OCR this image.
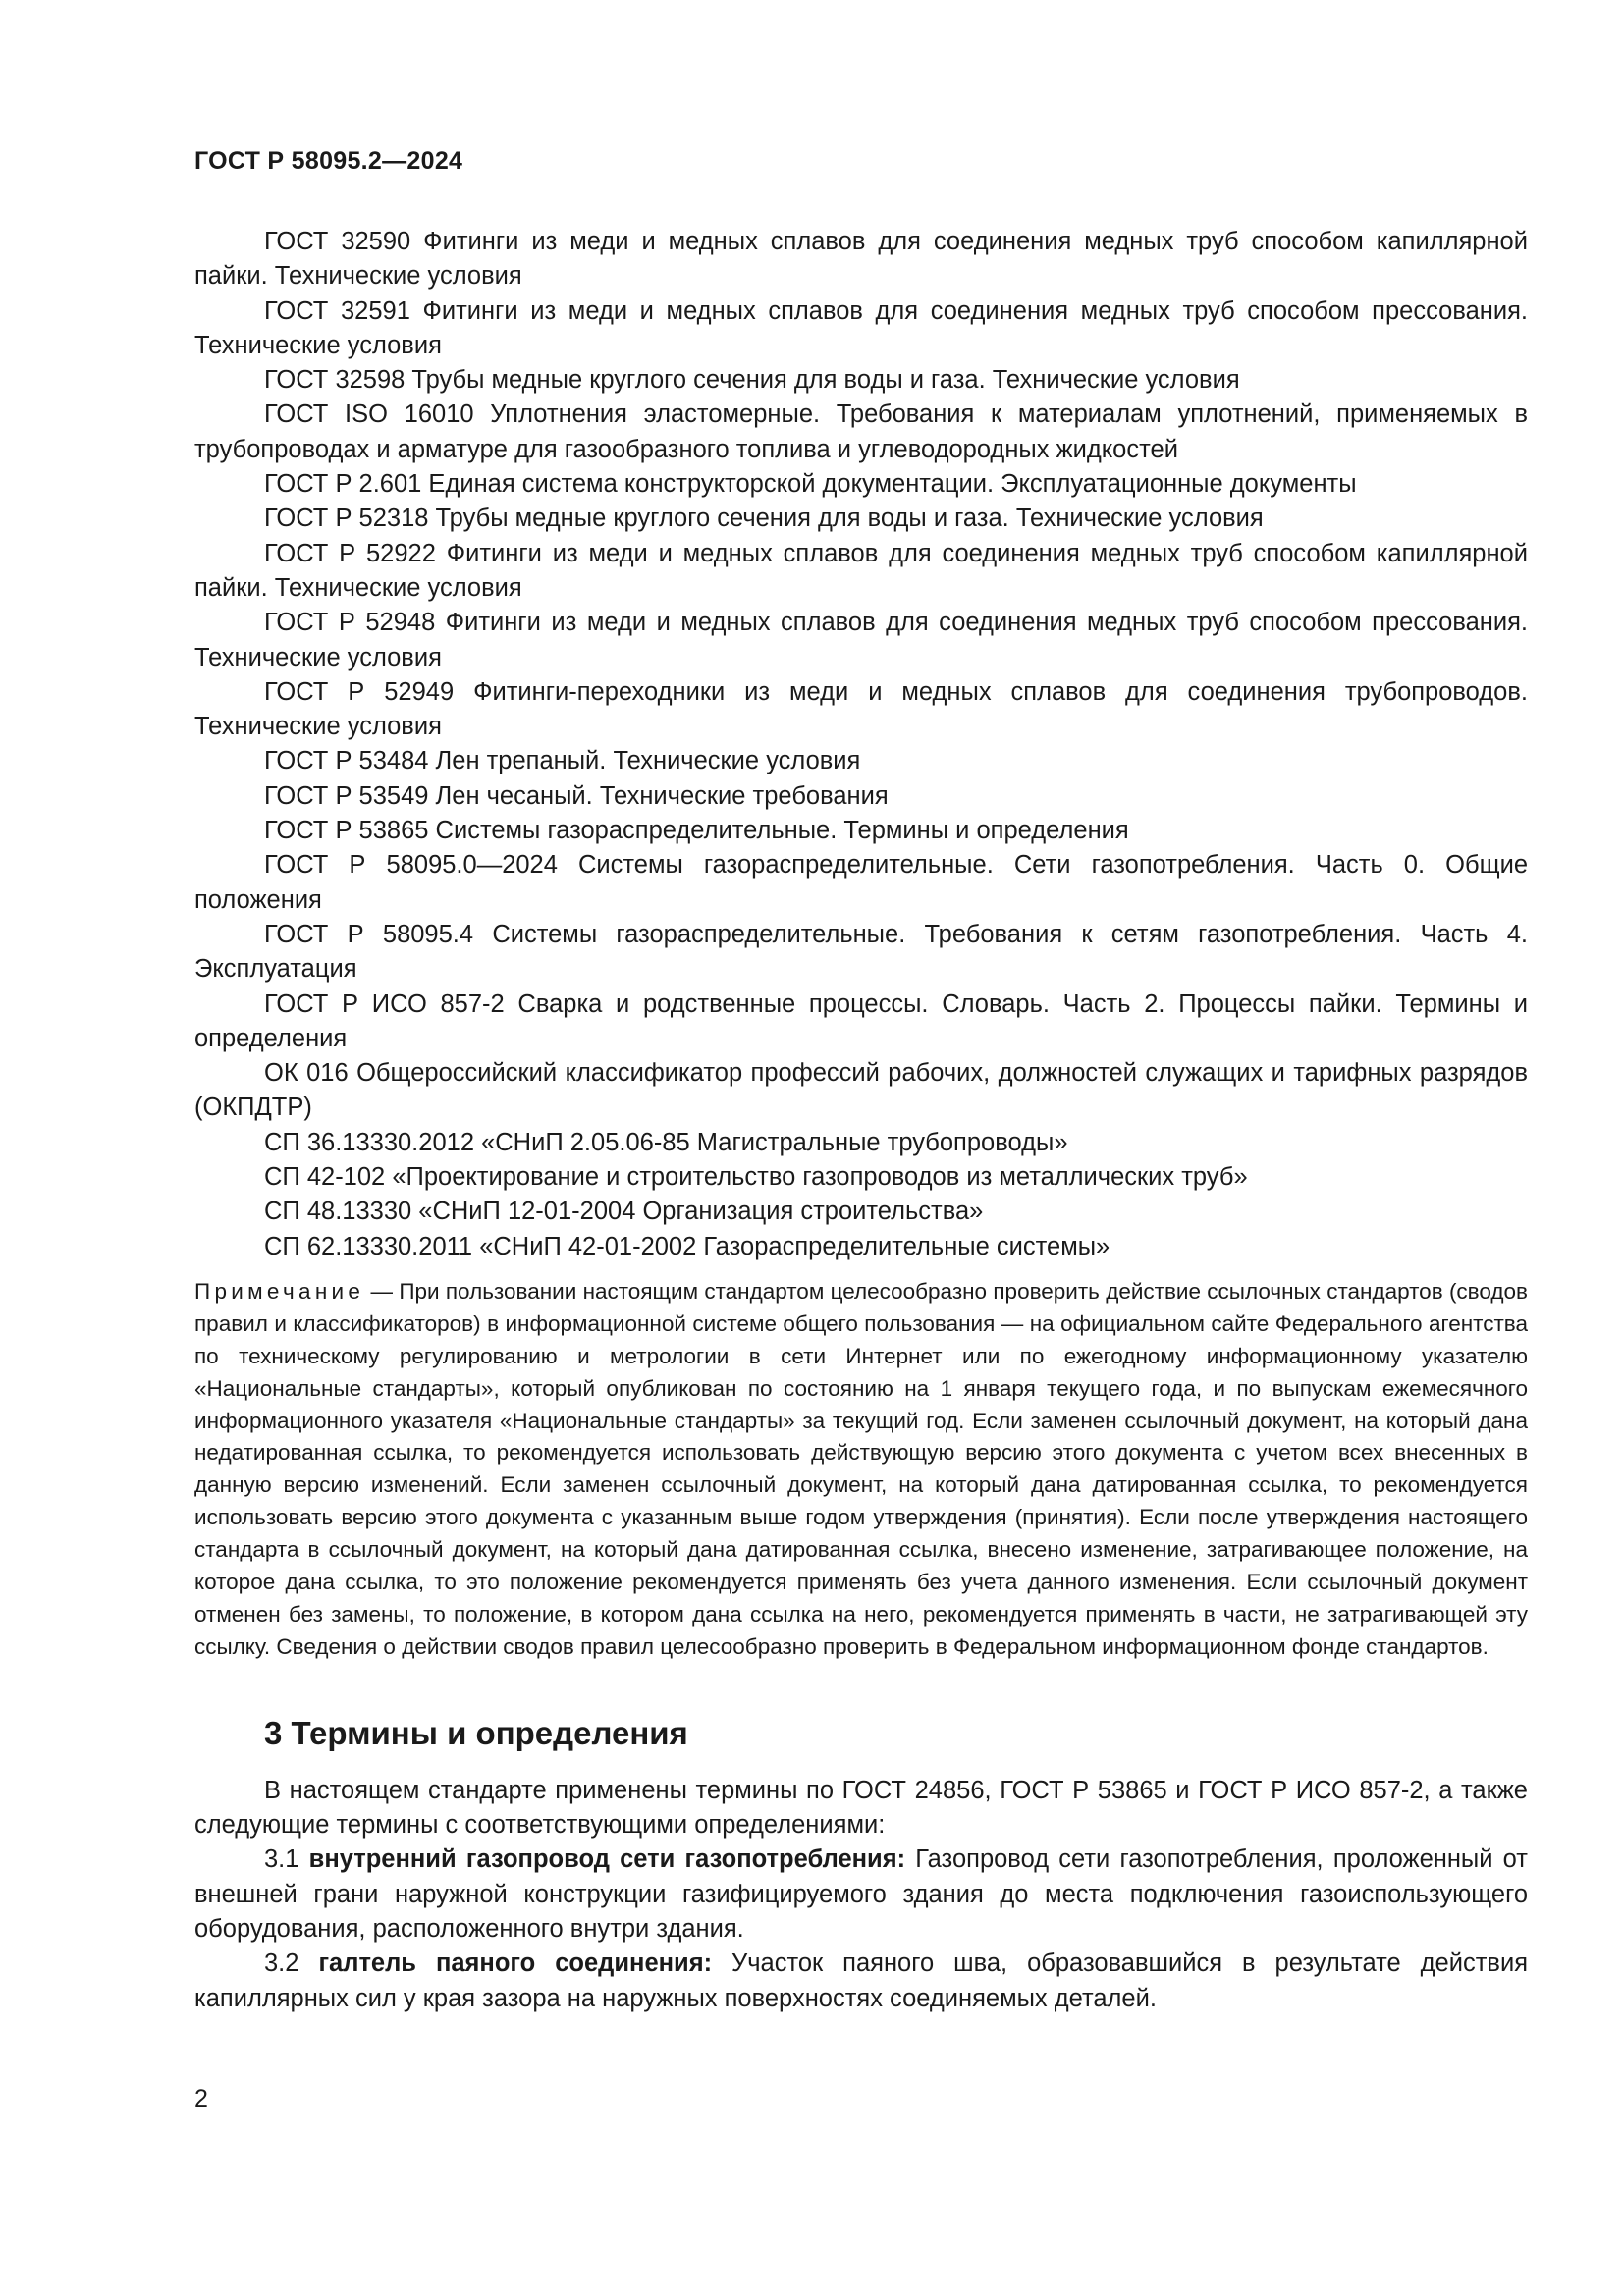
ГОСТ Р 58095.2—2024

ГОСТ 32590 Фитинги из меди и медных сплавов для соединения медных труб способом капиллярной пайки. Технические условия

ГОСТ 32591 Фитинги из меди и медных сплавов для соединения медных труб способом прессования. Технические условия

ГОСТ 32598 Трубы медные круглого сечения для воды и газа. Технические условия

ГОСТ ISO 16010 Уплотнения эластомерные. Требования к материалам уплотнений, применяемых в трубопроводах и арматуре для газообразного топлива и углеводородных жидкостей

ГОСТ Р 2.601 Единая система конструкторской документации. Эксплуатационные документы

ГОСТ Р 52318 Трубы медные круглого сечения для воды и газа. Технические условия

ГОСТ Р 52922 Фитинги из меди и медных сплавов для соединения медных труб способом капиллярной пайки. Технические условия

ГОСТ Р 52948 Фитинги из меди и медных сплавов для соединения медных труб способом прессования. Технические условия

ГОСТ Р 52949 Фитинги-переходники из меди и медных сплавов для соединения трубопроводов. Технические условия

ГОСТ Р 53484 Лен трепаный. Технические условия

ГОСТ Р 53549 Лен чесаный. Технические требования

ГОСТ Р 53865 Системы газораспределительные. Термины и определения

ГОСТ Р 58095.0—2024 Системы газораспределительные. Сети газопотребления. Часть 0. Общие положения

ГОСТ Р 58095.4 Системы газораспределительные. Требования к сетям газопотребления. Часть 4. Эксплуатация

ГОСТ Р ИСО 857-2 Сварка и родственные процессы. Словарь. Часть 2. Процессы пайки. Термины и определения

ОК 016 Общероссийский классификатор профессий рабочих, должностей служащих и тарифных разрядов (ОКПДТР)

СП 36.13330.2012 «СНиП 2.05.06-85 Магистральные трубопроводы»

СП 42-102 «Проектирование и строительство газопроводов из металлических труб»

СП 48.13330 «СНиП 12-01-2004 Организация строительства»

СП 62.13330.2011 «СНиП 42-01-2002 Газораспределительные системы»

Примечание — При пользовании настоящим стандартом целесообразно проверить действие ссылочных стандартов (сводов правил и классификаторов) в информационной системе общего пользования — на официальном сайте Федерального агентства по техническому регулированию и метрологии в сети Интернет или по ежегодному информационному указателю «Национальные стандарты», который опубликован по состоянию на 1 января текущего года, и по выпускам ежемесячного информационного указателя «Национальные стандарты» за текущий год. Если заменен ссылочный документ, на который дана недатированная ссылка, то рекомендуется использовать действующую версию этого документа с учетом всех внесенных в данную версию изменений. Если заменен ссылочный документ, на который дана датированная ссылка, то рекомендуется использовать версию этого документа с указанным выше годом утверждения (принятия). Если после утверждения настоящего стандарта в ссылочный документ, на который дана датированная ссылка, внесено изменение, затрагивающее положение, на которое дана ссылка, то это положение рекомендуется применять без учета данного изменения. Если ссылочный документ отменен без замены, то положение, в котором дана ссылка на него, рекомендуется применять в части, не затрагивающей эту ссылку. Сведения о действии сводов правил целесообразно проверить в Федеральном информационном фонде стандартов.

3 Термины и определения

В настоящем стандарте применены термины по ГОСТ 24856, ГОСТ Р 53865 и ГОСТ Р ИСО 857-2, а также следующие термины с соответствующими определениями:

3.1 внутренний газопровод сети газопотребления: Газопровод сети газопотребления, проложенный от внешней грани наружной конструкции газифицируемого здания до места подключения газоиспользующего оборудования, расположенного внутри здания.

3.2 галтель паяного соединения: Участок паяного шва, образовавшийся в результате действия капиллярных сил у края зазора на наружных поверхностях соединяемых деталей.

2
